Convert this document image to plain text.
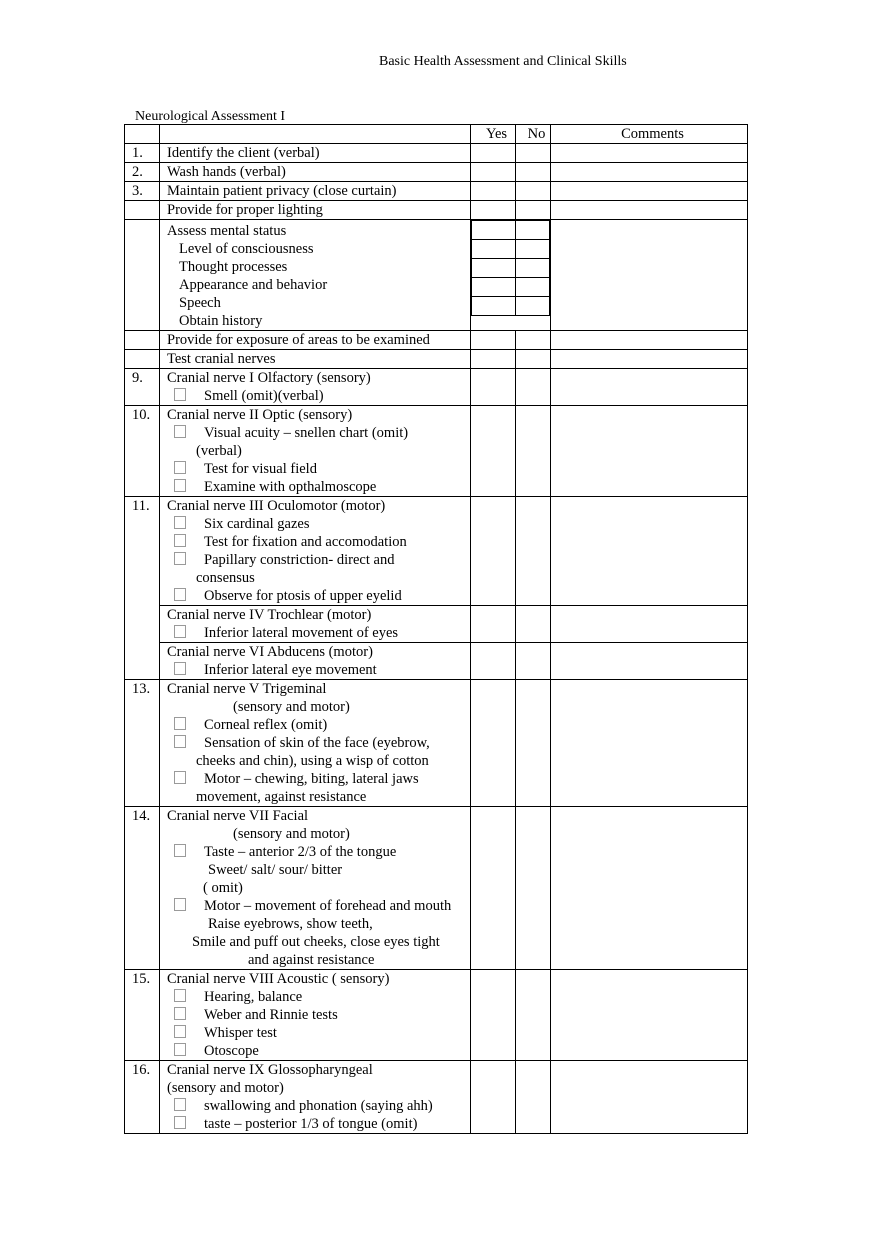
Basic Health Assessment and Clinical Skills
Neurological Assessment I
		Yes	No	Comments
1.	Identify the client (verbal)			
2.	Wash hands (verbal)			
3.	Maintain patient privacy (close curtain)			
	Provide for proper lighting			

Assess mental status
Level of consciousness
Thought processes
Appearance and behavior
Speech
Obtain history

	Provide for exposure of areas to be examined			
	Test cranial nerves			
9.	Cranial nerve I Olfactory (sensory)
Smell (omit)(verbal)

10.	Cranial nerve II Optic (sensory)
Visual acuity – snellen chart (omit)
(verbal)
Test for visual field
Examine with opthalmoscope

11.	Cranial nerve III Oculomotor (motor)
Six cardinal gazes
Test for fixation and accomodation
Papillary constriction- direct and
consensus
Observe for ptosis of upper eyelid

Cranial nerve IV Trochlear (motor)
Inferior lateral movement of eyes

Cranial nerve VI Abducens (motor)
Inferior lateral eye movement

13.	Cranial nerve V Trigeminal
(sensory and motor)
Corneal reflex (omit)
Sensation of skin of the face (eyebrow,
cheeks and chin), using a wisp of cotton
Motor – chewing, biting, lateral jaws
movement, against resistance

14.	Cranial nerve VII Facial
(sensory and motor)
Taste – anterior 2/3 of the tongue
Sweet/ salt/ sour/ bitter
( omit)
Motor – movement of forehead and mouth
Raise eyebrows, show teeth,
Smile and puff out cheeks, close eyes tight
and against resistance

15.	Cranial nerve VIII Acoustic ( sensory)
Hearing, balance
Weber and Rinnie tests
Whisper test
Otoscope

16.	Cranial nerve IX Glossopharyngeal
(sensory and motor)
swallowing and phonation (saying ahh)
taste – posterior 1/3 of tongue (omit)
